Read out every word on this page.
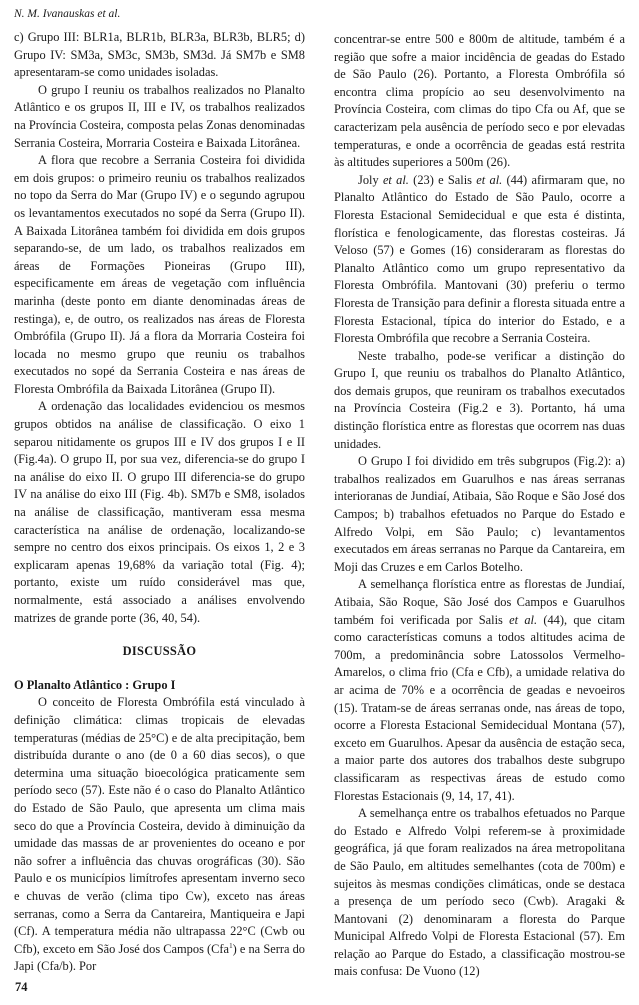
N. M. Ivanauskas et al.

c) Grupo III: BLR1a, BLR1b, BLR3a, BLR3b, BLR5; d) Grupo IV: SM3a, SM3c, SM3b, SM3d. Já SM7b e SM8 apresentaram-se como unidades isoladas.

O grupo I reuniu os trabalhos realizados no Planalto Atlântico e os grupos II, III e IV, os trabalhos realizados na Província Costeira, composta pelas Zonas denominadas Serrania Costeira, Morraria Costeira e Baixada Litorânea.

A flora que recobre a Serrania Costeira foi dividida em dois grupos: o primeiro reuniu os trabalhos realizados no topo da Serra do Mar (Grupo IV) e o segundo agrupou os levantamentos executados no sopé da Serra (Grupo II). A Baixada Litorânea também foi dividida em dois grupos separando-se, de um lado, os trabalhos realizados em áreas de Formações Pioneiras (Grupo III), especificamente em áreas de vegetação com influência marinha (deste ponto em diante denominadas áreas de restinga), e, de outro, os realizados nas áreas de Floresta Ombrófila (Grupo II). Já a flora da Morraria Costeira foi locada no mesmo grupo que reuniu os trabalhos executados no sopé da Serrania Costeira e nas áreas de Floresta Ombrófila da Baixada Litorânea (Grupo II).

A ordenação das localidades evidenciou os mesmos grupos obtidos na análise de classificação. O eixo 1 separou nitidamente os grupos III e IV dos grupos I e II (Fig.4a). O grupo II, por sua vez, diferencia-se do grupo I na análise do eixo II. O grupo III diferencia-se do grupo IV na análise do eixo III (Fig. 4b). SM7b e SM8, isolados na análise de classificação, mantiveram essa mesma característica na análise de ordenação, localizando-se sempre no centro dos eixos principais. Os eixos 1, 2 e 3 explicaram apenas 19,68% da variação total (Fig. 4); portanto, existe um ruído considerável mas que, normalmente, está associado a análises envolvendo matrizes de grande porte (36, 40, 54).

DISCUSSÃO
O Planalto Atlântico : Grupo I

O conceito de Floresta Ombrófila está vinculado à definição climática: climas tropicais de elevadas temperaturas (médias de 25°C) e de alta precipitação, bem distribuída durante o ano (de 0 a 60 dias secos), o que determina uma situação bioecológica praticamente sem período seco (57). Este não é o caso do Planalto Atlântico do Estado de São Paulo, que apresenta um clima mais seco do que a Província Costeira, devido à diminuição da umidade das massas de ar provenientes do oceano e por não sofrer a influência das chuvas orográficas (30). São Paulo e os municípios limítrofes apresentam inverno seco e chuvas de verão (clima tipo Cw), exceto nas áreas serranas, como a Serra da Cantareira, Mantiqueira e Japi (Cf). A temperatura média não ultrapassa 22°C (Cwb ou Cfb), exceto em São José dos Campos (Cfa$^1$) e na Serra do Japi (Cfa/b). Por

concentrar-se entre 500 e 800m de altitude, também é a região que sofre a maior incidência de geadas do Estado de São Paulo (26). Portanto, a Floresta Ombrófila só encontra clima propício ao seu desenvolvimento na Província Costeira, com climas do tipo Cfa ou Af, que se caracterizam pela ausência de período seco e por elevadas temperaturas, e onde a ocorrência de geadas está restrita às altitudes superiores a 500m (26).

Joly et al. (23) e Salis et al. (44) afirmaram que, no Planalto Atlântico do Estado de São Paulo, ocorre a Floresta Estacional Semidecidual e que esta é distinta, florística e fenologicamente, das florestas costeiras. Já Veloso (57) e Gomes (16) consideraram as florestas do Planalto Atlântico como um grupo representativo da Floresta Ombrófila. Mantovani (30) preferiu o termo Floresta de Transição para definir a floresta situada entre a Floresta Estacional, típica do interior do Estado, e a Floresta Ombrófila que recobre a Serrania Costeira.

Neste trabalho, pode-se verificar a distinção do Grupo I, que reuniu os trabalhos do Planalto Atlântico, dos demais grupos, que reuniram os trabalhos executados na Província Costeira (Fig.2 e 3). Portanto, há uma distinção florística entre as florestas que ocorrem nas duas unidades.

O Grupo I foi dividido em três subgrupos (Fig.2): a) trabalhos realizados em Guarulhos e nas áreas serranas interioranas de Jundiaí, Atibaia, São Roque e São José dos Campos; b) trabalhos efetuados no Parque do Estado e Alfredo Volpi, em São Paulo; c) levantamentos executados em áreas serranas no Parque da Cantareira, em Moji das Cruzes e em Carlos Botelho.

A semelhança florística entre as florestas de Jundiaí, Atibaia, São Roque, São José dos Campos e Guarulhos também foi verificada por Salis et al. (44), que citam como características comuns a todos altitudes acima de 700m, a predominância sobre Latossolos Vermelho-Amarelos, o clima frio (Cfa e Cfb), a umidade relativa do ar acima de 70% e a ocorrência de geadas e nevoeiros (15). Tratam-se de áreas serranas onde, nas áreas de topo, ocorre a Floresta Estacional Semidecidual Montana (57), exceto em Guarulhos. Apesar da ausência de estação seca, a maior parte dos autores dos trabalhos deste subgrupo classificaram as respectivas áreas de estudo como Florestas Estacionais (9, 14, 17, 41).

A semelhança entre os trabalhos efetuados no Parque do Estado e Alfredo Volpi referem-se à proximidade geográfica, já que foram realizados na área metropolitana de São Paulo, em altitudes semelhantes (cota de 700m) e sujeitos às mesmas condições climáticas, onde se destaca a presença de um período seco (Cwb). Aragaki & Mantovani (2) denominaram a floresta do Parque Municipal Alfredo Volpi de Floresta Estacional (57). Em relação ao Parque do Estado, a classificação mostrou-se mais confusa: De Vuono (12)

74
